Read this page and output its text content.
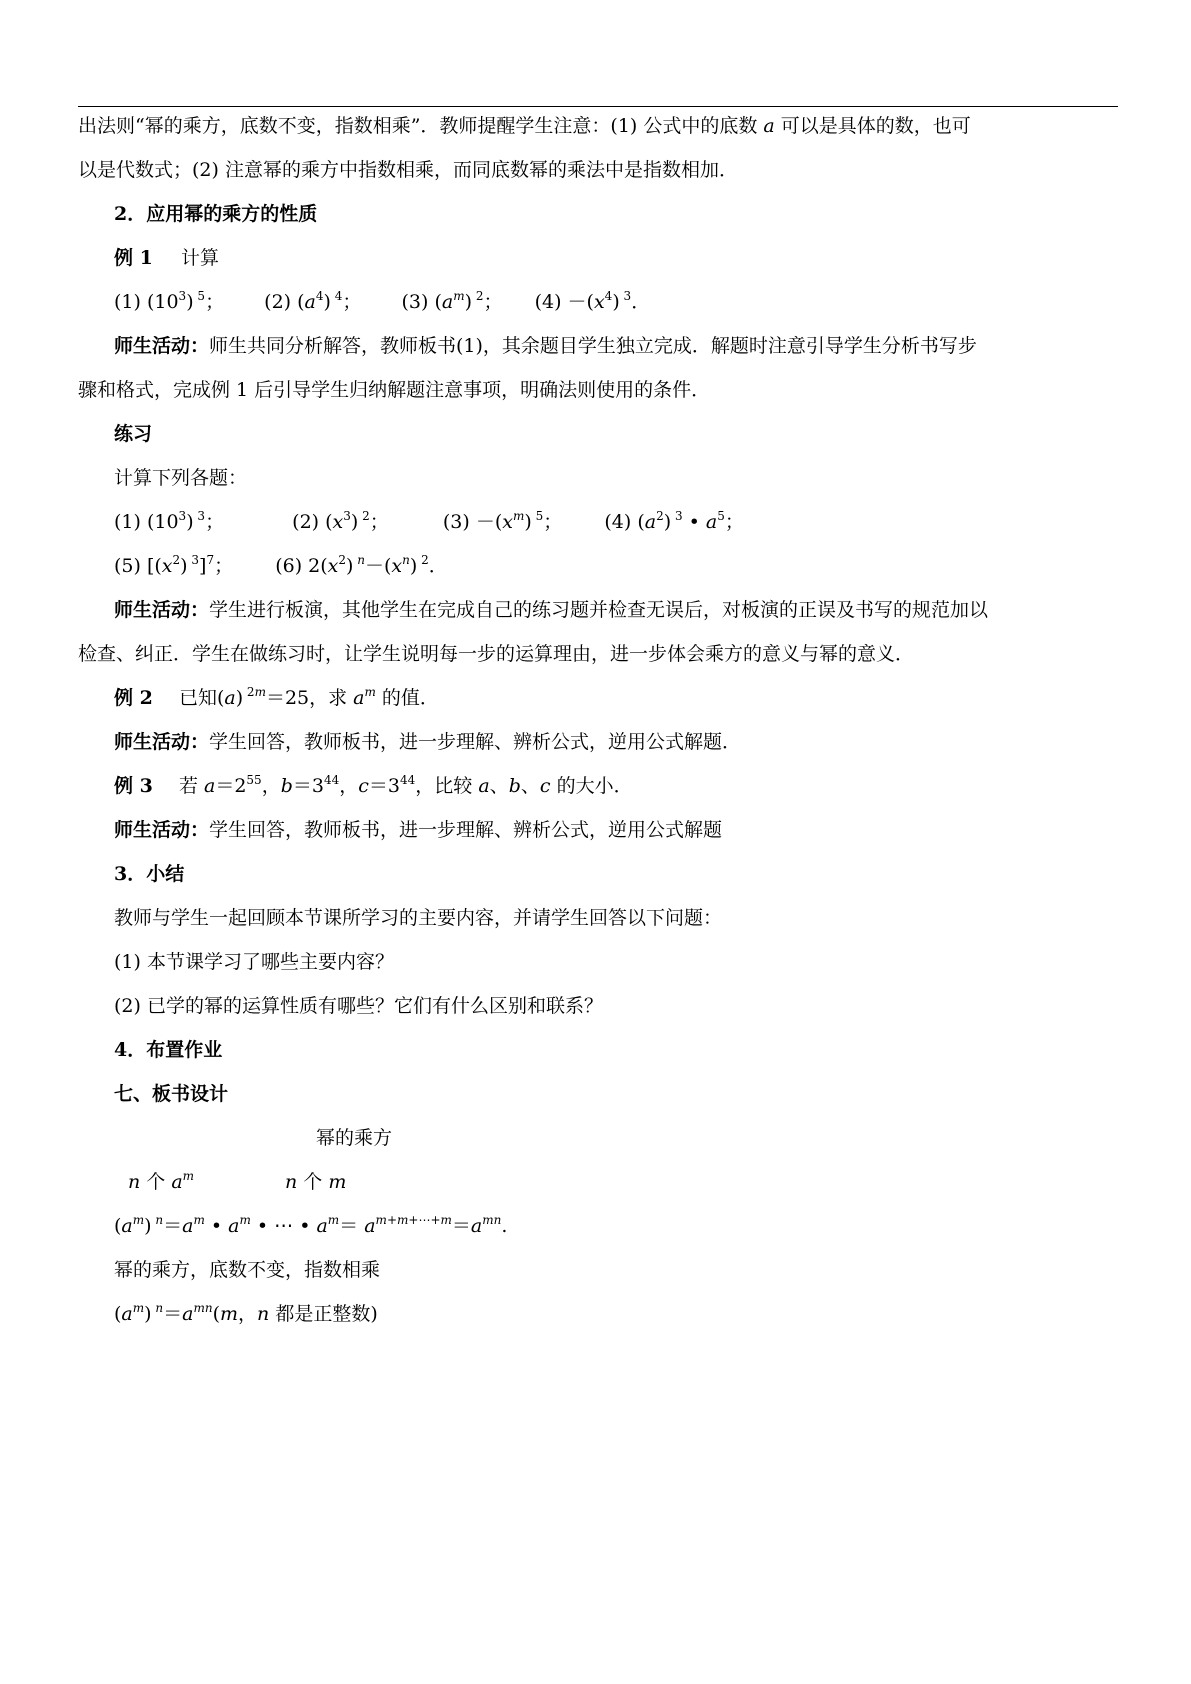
出法则“幂的乘方，底数不变，指数相乘”．教师提醒学生注意：(1) 公式中的底数 a 可以是具体的数，也可
以是代数式；(2) 注意幂的乘方中指数相乘，而同底数幂的乘法中是指数相加．
2．应用幂的乘方的性质
例 1 计算
(1) $(10^3)$ $^5$； (2) $(a^4)$ $^4$； (3) $(a^m)$ $^2$； $(4) -(x^4)$ $^3$．
师生活动：师生共同分析解答，教师板书(1)，其余题目学生独立完成．解题时注意引导学生分析书写步
骤和格式，完成例 1 后引导学生归纳解题注意事项，明确法则使用的条件．
练习
计算下列各题：
(1) $(10^3)$ $^3$；	(2) $(x^3)$ $^2$；	$(3) -(x^m)$ $^5$； (4) $(a^2)$ $^3$ • $a^5$；
(5) [$(x^2)$ $^3$]$^7$； (6) $2(x^2)$ $^n-(x^n)$ $^2$．
师生活动：学生进行板演，其他学生在完成自己的练习题并检查无误后，对板演的正误及书写的规范加以
检查、纠正．学生在做练习时，让学生说明每一步的运算理由，进一步体会乘方的意义与幂的意义．
例 2 已知(a) $^{2m}$＝25，求 $a^m$ 的值．
师生活动：学生回答，教师板书，进一步理解、辨析公式，逆用公式解题．
例 3 若 $a=2^{55}$，$b=3^{44}$，$c=3^{44}$，比较 a、b、c 的大小．
师生活动：学生回答，教师板书，进一步理解、辨析公式，逆用公式解题
3．小结
教师与学生一起回顾本节课所学习的主要内容，并请学生回答以下问题：
(1) 本节课学习了哪些主要内容？
(2) 已学的幂的运算性质有哪些？它们有什么区别和联系？
4．布置作业
七、板书设计
幂的乘方
n 个 $a^m$	n 个 m
$(a^m)$ $^n=a^m$ • $a^m$ • ⋯ • $a^m= a^{m+m+\cdots+m}=a^{mn}$.
幂的乘方，底数不变，指数相乘
$(a^m)$ $^n=a^{mn}(m$，n 都是正整数)
